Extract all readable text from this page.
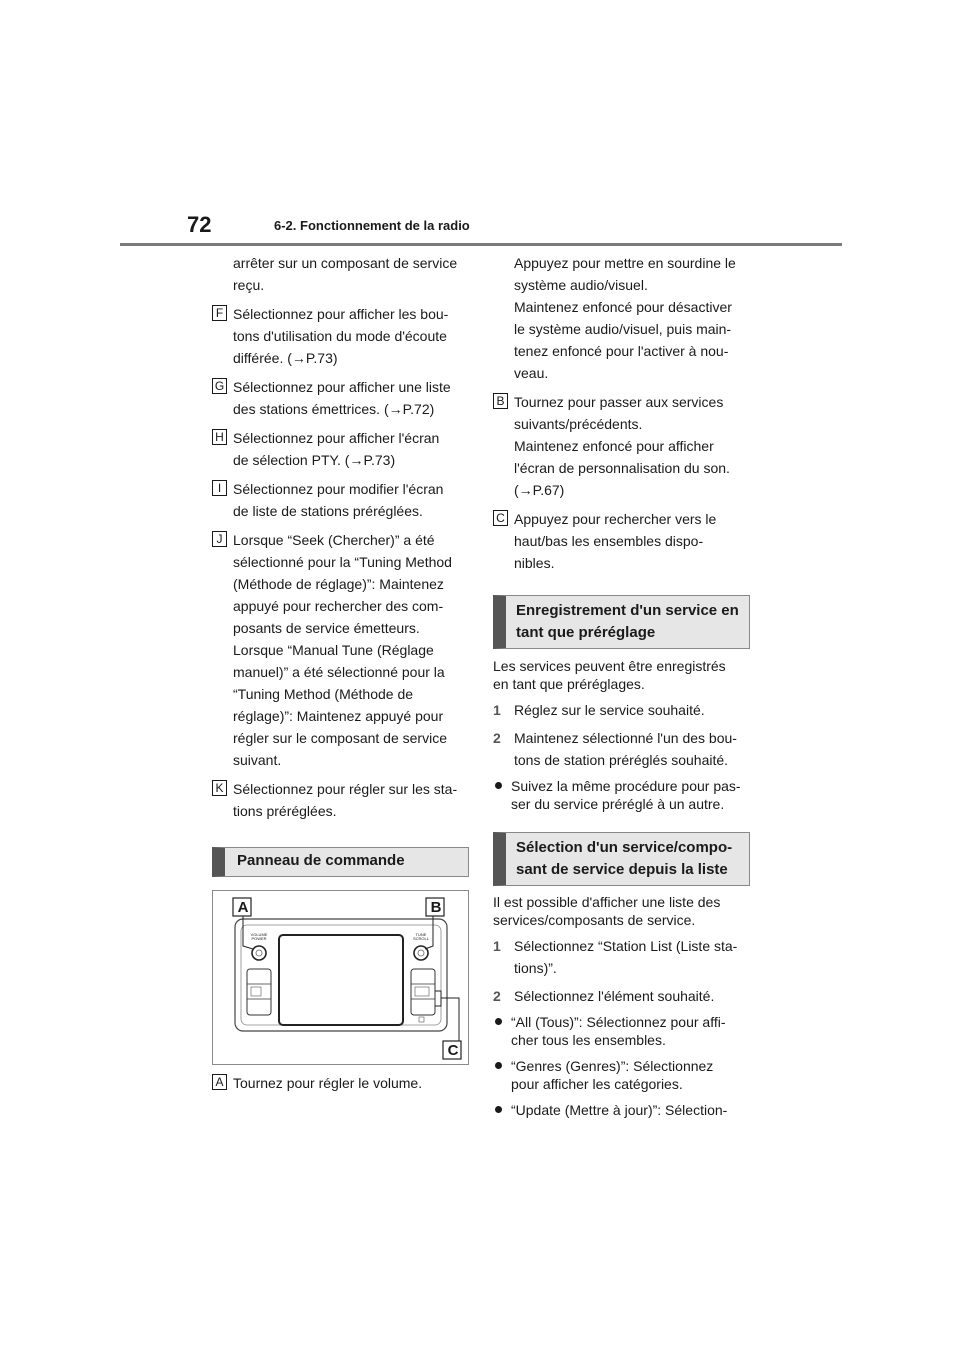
72	6-2. Fonctionnement de la radio

arrêter sur un composant de service

reçu.

F Sélectionnez pour afficher les bou-

tons d'utilisation du mode d'écoute

différée. (→P.73)

G Sélectionnez pour afficher une liste

des stations émettrices. (→P.72)

H Sélectionnez pour afficher l'écran

de sélection PTY. (→P.73)

I Sélectionnez pour modifier l'écran

de liste de stations préréglées.

J Lorsque “Seek (Chercher)” a été

sélectionné pour la “Tuning Method

(Méthode de réglage)”: Maintenez

appuyé pour rechercher des com-

posants de service émetteurs.

Lorsque “Manual Tune (Réglage

manuel)” a été sélectionné pour la

“Tuning Method (Méthode de

réglage)”: Maintenez appuyé pour

régler sur le composant de service

suivant.

K Sélectionnez pour régler sur les sta-

tions préréglées.

Panneau de commande
A	B
C
VOLUME POWER
TUNE SCROLL
A Tournez pour régler le volume.

Appuyez pour mettre en sourdine le

système audio/visuel.

Maintenez enfoncé pour désactiver

le système audio/visuel, puis main-

tenez enfoncé pour l'activer à nou-

veau.

B Tournez pour passer aux services

suivants/précédents.

Maintenez enfoncé pour afficher

l'écran de personnalisation du son.

(→P.67)

C Appuyez pour rechercher vers le

haut/bas les ensembles dispo-

nibles.

Enregistrement d'un service en
tant que préréglage

Les services peuvent être enregistrés

en tant que préréglages.

1 Réglez sur le service souhaité.

2 Maintenez sélectionné l'un des bou-

tons de station préréglés souhaité.

Suivez la même procédure pour pas-

ser du service préréglé à un autre.

Sélection d'un service/compo-
sant de service depuis la liste

Il est possible d'afficher une liste des

services/composants de service.

1 Sélectionnez “Station List (Liste sta-

tions)”.

2 Sélectionnez l'élément souhaité.

“All (Tous)”: Sélectionnez pour affi-

cher tous les ensembles.

“Genres (Genres)”: Sélectionnez

pour afficher les catégories.

“Update (Mettre à jour)”: Sélection-
